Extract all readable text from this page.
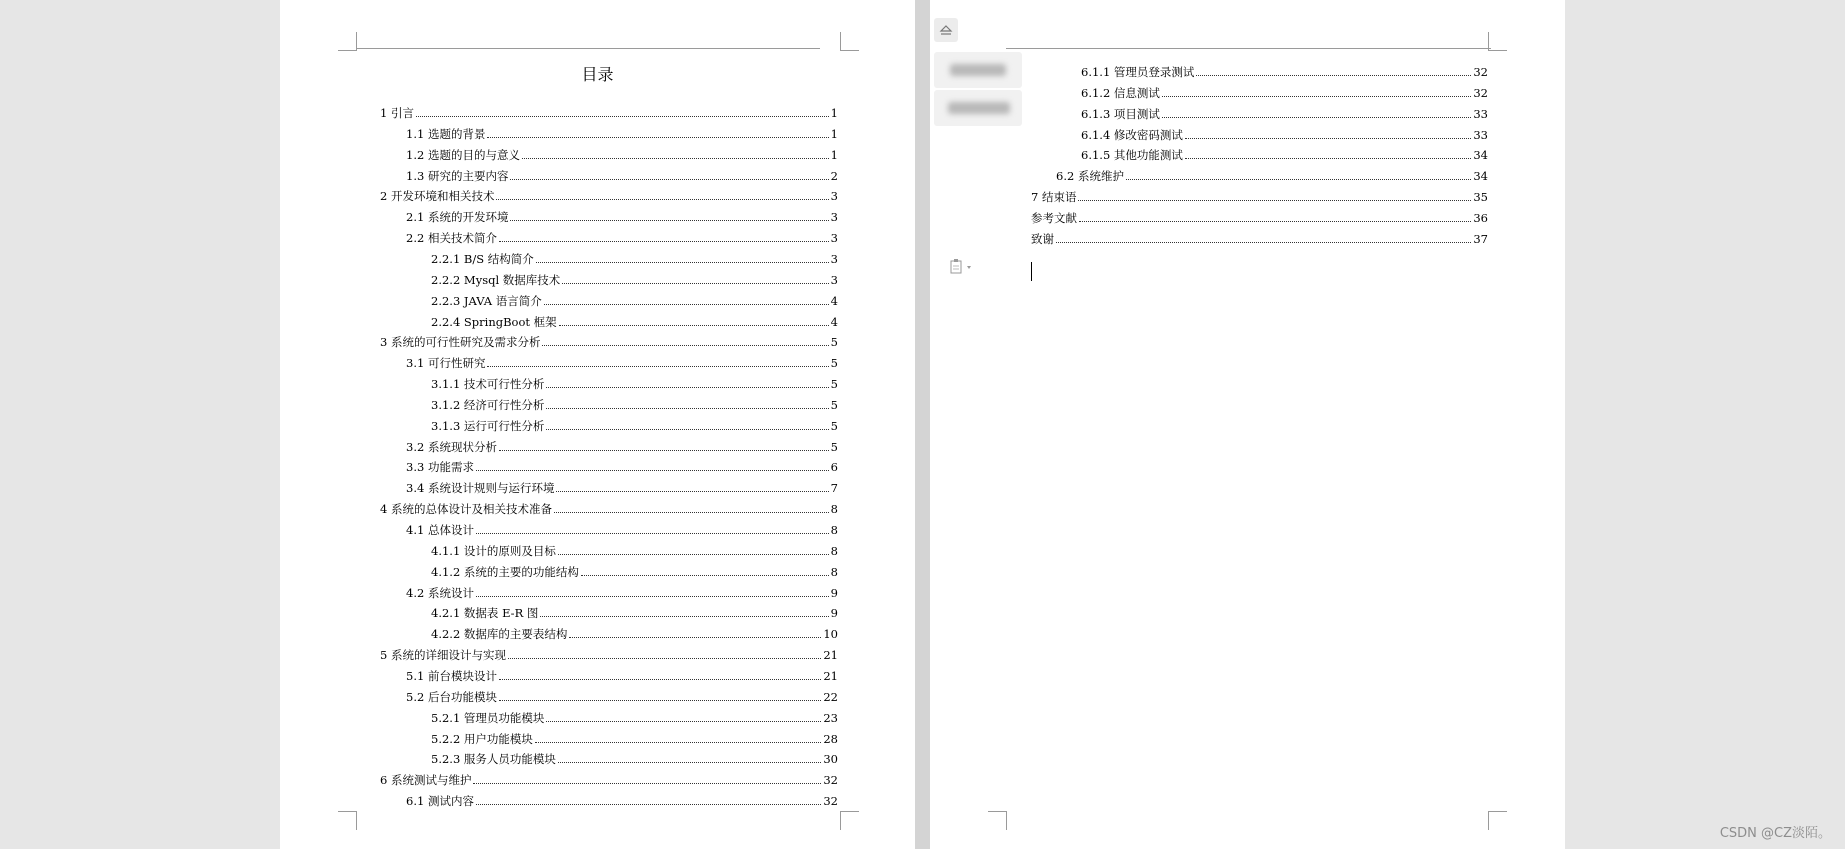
目录
1 引言	1
1.1 选题的背景	1
1.2 选题的目的与意义	1
1.3 研究的主要内容	2
2 开发环境和相关技术	3
2.1 系统的开发环境	3
2.2 相关技术简介	3
2.2.1 B/S 结构简介	3
2.2.2 Mysql 数据库技术	3
2.2.3 JAVA 语言简介	4
2.2.4 SpringBoot 框架	4
3 系统的可行性研究及需求分析	5
3.1 可行性研究	5
3.1.1 技术可行性分析	5
3.1.2 经济可行性分析	5
3.1.3 运行可行性分析	5
3.2 系统现状分析	5
3.3 功能需求	6
3.4 系统设计规则与运行环境	7
4 系统的总体设计及相关技术准备	8
4.1 总体设计	8
4.1.1 设计的原则及目标	8
4.1.2 系统的主要的功能结构	8
4.2 系统设计	9
4.2.1 数据表 E-R 图	9
4.2.2 数据库的主要表结构	10
5 系统的详细设计与实现	21
5.1 前台模块设计	21
5.2 后台功能模块	22
5.2.1 管理员功能模块	23
5.2.2 用户功能模块	28
5.2.3 服务人员功能模块	30
6 系统测试与维护	32
6.1 测试内容	32
6.1.1 管理员登录测试	32
6.1.2 信息测试	32
6.1.3 项目测试	33
6.1.4 修改密码测试	33
6.1.5 其他功能测试	34
6.2 系统维护	34
7 结束语	35
参考文献	36
致谢	37
CSDN @CZ淡陌。
